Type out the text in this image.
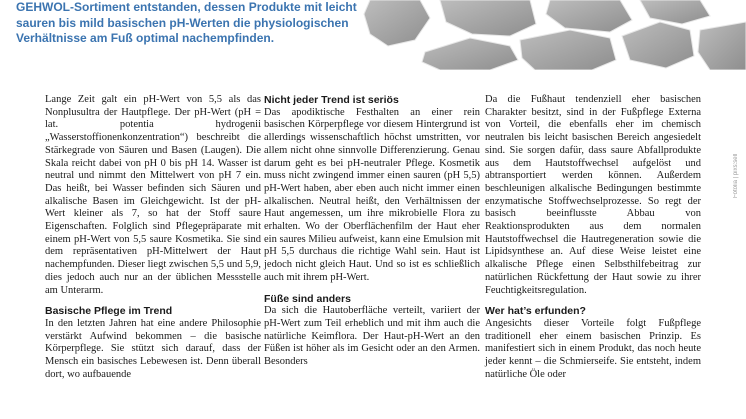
GEHWOL-Sortiment entstanden, dessen Produkte mit leicht sauren bis mild basischen pH-Werten die physiologischen Verhältnisse am Fuß optimal nachempfinden.

Fotolia | pixs:sell

Lange Zeit galt ein pH-Wert von 5,5 als das Nonplusultra der Hautpflege. Der pH-Wert (pH = lat. potentia hydrogenii „Wasserstoffionenkonzentration“) beschreibt die Stärkegrade von Säuren und Basen (Laugen). Die Skala reicht dabei von pH 0 bis pH 14. Wasser ist neutral und nimmt den Mittelwert von pH 7 ein. Das heißt, bei Wasser befinden sich Säuren und alkalische Basen im Gleichgewicht. Ist der pH-Wert kleiner als 7, so hat der Stoff saure Eigenschaften. Folglich sind Pflegepräparate mit einem pH-Wert von 5,5 saure Kosmetika. Sie sind dem repräsentativen pH-Mittelwert der Haut nachempfunden. Dieser liegt zwischen 5,5 und 5,9, dies jedoch auch nur an der üblichen Messstelle am Unterarm.

Basische Pflege im Trend

In den letzten Jahren hat eine andere Philosophie verstärkt Aufwind bekommen – die basische Körperpflege. Sie stützt sich darauf, dass der Mensch ein basisches Lebewesen ist. Denn überall dort, wo aufbauende

Nicht jeder Trend ist seriös

Das apodiktische Festhalten an einer rein basischen Körperpflege vor diesem Hintergrund ist allerdings wissenschaftlich höchst umstritten, vor allem nicht ohne sinnvolle Differenzierung. Genau darum geht es bei pH-neutraler Pflege. Kosmetik muss nicht zwingend immer einen sauren (pH 5,5) pH-Wert haben, aber eben auch nicht immer einen alkalischen. Neutral heißt, den Verhältnissen der Haut angemessen, um ihre mikrobielle Flora zu erhalten. Wo der Oberflächenfilm der Haut eher ein saures Milieu aufweist, kann eine Emulsion mit pH 5,5 durchaus die richtige Wahl sein. Haut ist jedoch nicht gleich Haut. Und so ist es schließlich auch mit ihrem pH-Wert.

Füße sind anders

Da sich die Hautoberfläche verteilt, variiert der pH-Wert zum Teil erheblich und mit ihm auch die natürliche Keimflora. Der Haut-pH-Wert an den Füßen ist höher als im Gesicht oder an den Armen. Besonders

Da die Fußhaut tendenziell eher basischen Charakter besitzt, sind in der Fußpflege Externa von Vorteil, die ebenfalls eher im chemisch neutralen bis leicht basischen Bereich angesiedelt sind. Sie sorgen dafür, dass saure Abfallprodukte aus dem Hautstoffwechsel aufgelöst und abtransportiert werden können. Außerdem beschleunigen alkalische Bedingungen bestimmte enzymatische Stoffwechselprozesse. So regt der basisch beeinflusste Abbau von Reaktionsprodukten aus dem normalen Hautstoffwechsel die Hautregeneration sowie die Lipidsynthese an. Auf diese Weise leistet eine alkalische Pflege einen Selbsthilfebeitrag zur natürlichen Rückfettung der Haut sowie zu ihrer Feuchtigkeitsregulation.

Wer hat’s erfunden?

Angesichts dieser Vorteile folgt Fußpflege traditionell eher einem basischen Prinzip. Es manifestiert sich in einem Produkt, das noch heute jeder kennt – die Schmierseife. Sie entsteht, indem natürliche Öle oder
